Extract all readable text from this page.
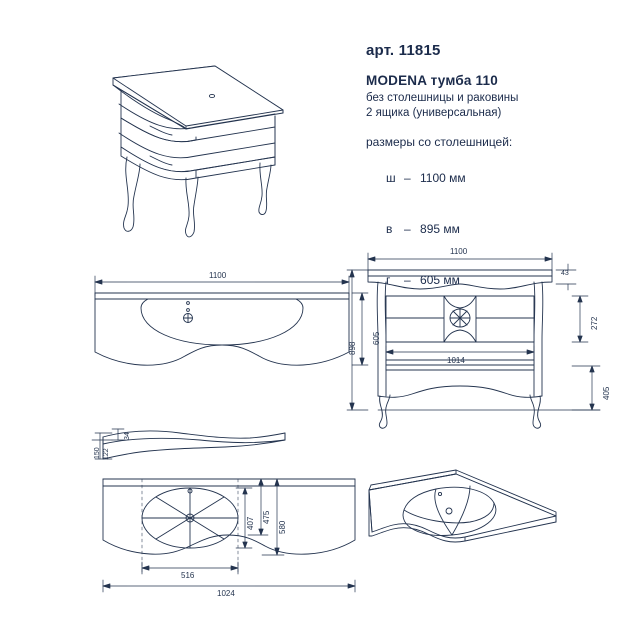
арт. 11815
MODENA тумба 110
без столешницы и раковины
2 ящика (универсальная)
размеры со столешницей:

ш – 1100 мм

в – 895 мм

г – 605 мм

1100
605
1100
898
43
272
405
1014
34
150 122
516
1024
407 475
580
